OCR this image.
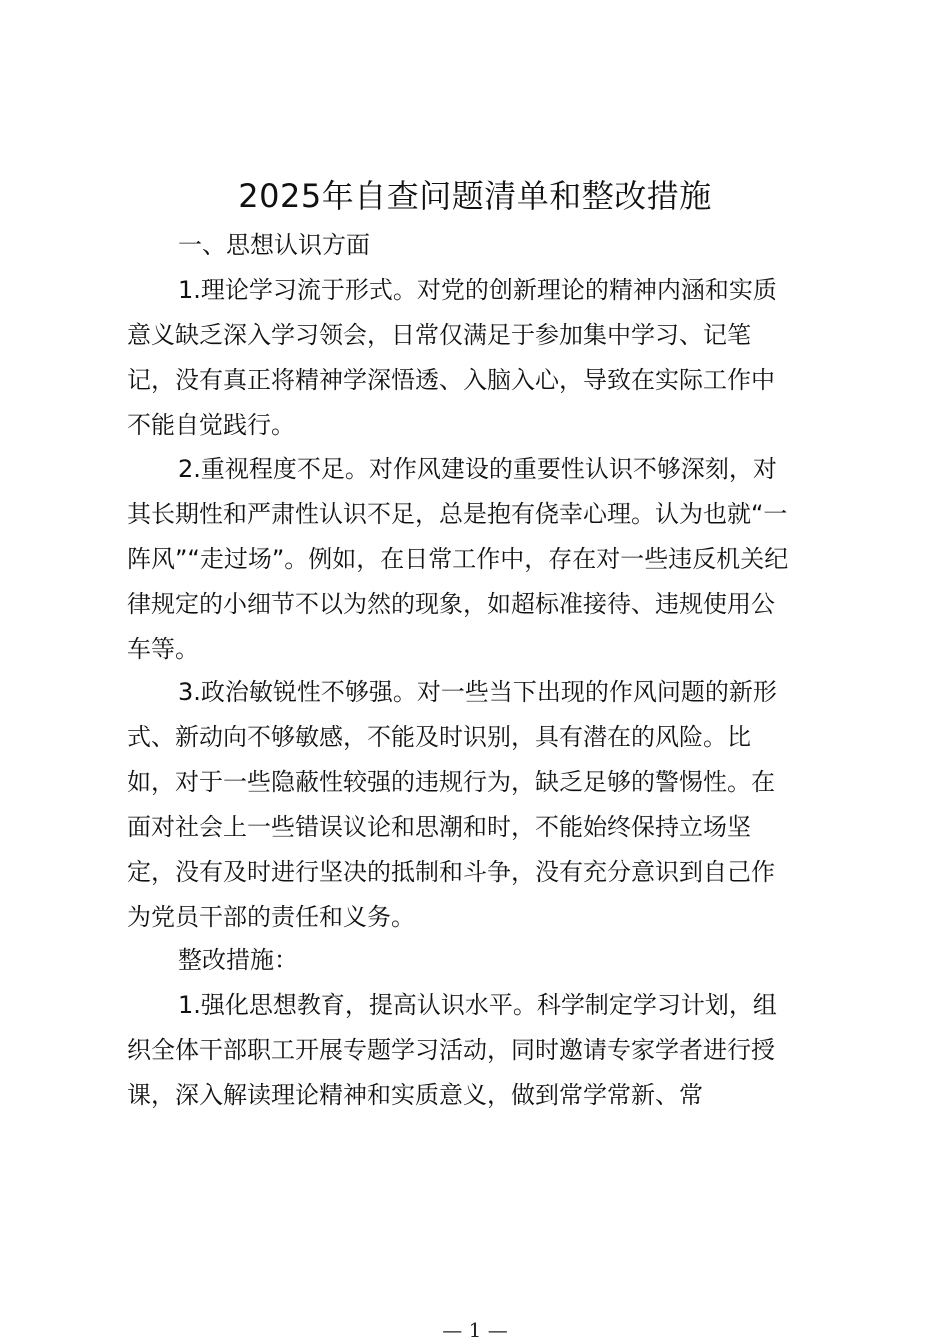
2025年自查问题清单和整改措施
一、思想认识方面
1.理论学习流于形式。对党的创新理论的精神内涵和实质
意义缺乏深入学习领会，日常仅满足于参加集中学习、记笔
记，没有真正将精神学深悟透、入脑入心，导致在实际工作中
不能自觉践行。
2.重视程度不足。对作风建设的重要性认识不够深刻，对
其长期性和严肃性认识不足，总是抱有侥幸心理。认为也就“一
阵风”“走过场”。例如，在日常工作中，存在对一些违反机关纪
律规定的小细节不以为然的现象，如超标准接待、违规使用公
车等。
3.政治敏锐性不够强。对一些当下出现的作风问题的新形
式、新动向不够敏感，不能及时识别，具有潜在的风险。比
如，对于一些隐蔽性较强的违规行为，缺乏足够的警惕性。在
面对社会上一些错误议论和思潮和时，不能始终保持立场坚
定，没有及时进行坚决的抵制和斗争，没有充分意识到自己作
为党员干部的责任和义务。
整改措施：
1.强化思想教育，提高认识水平。科学制定学习计划，组
织全体干部职工开展专题学习活动，同时邀请专家学者进行授
课，深入解读理论精神和实质意义，做到常学常新、常
— 1 —
